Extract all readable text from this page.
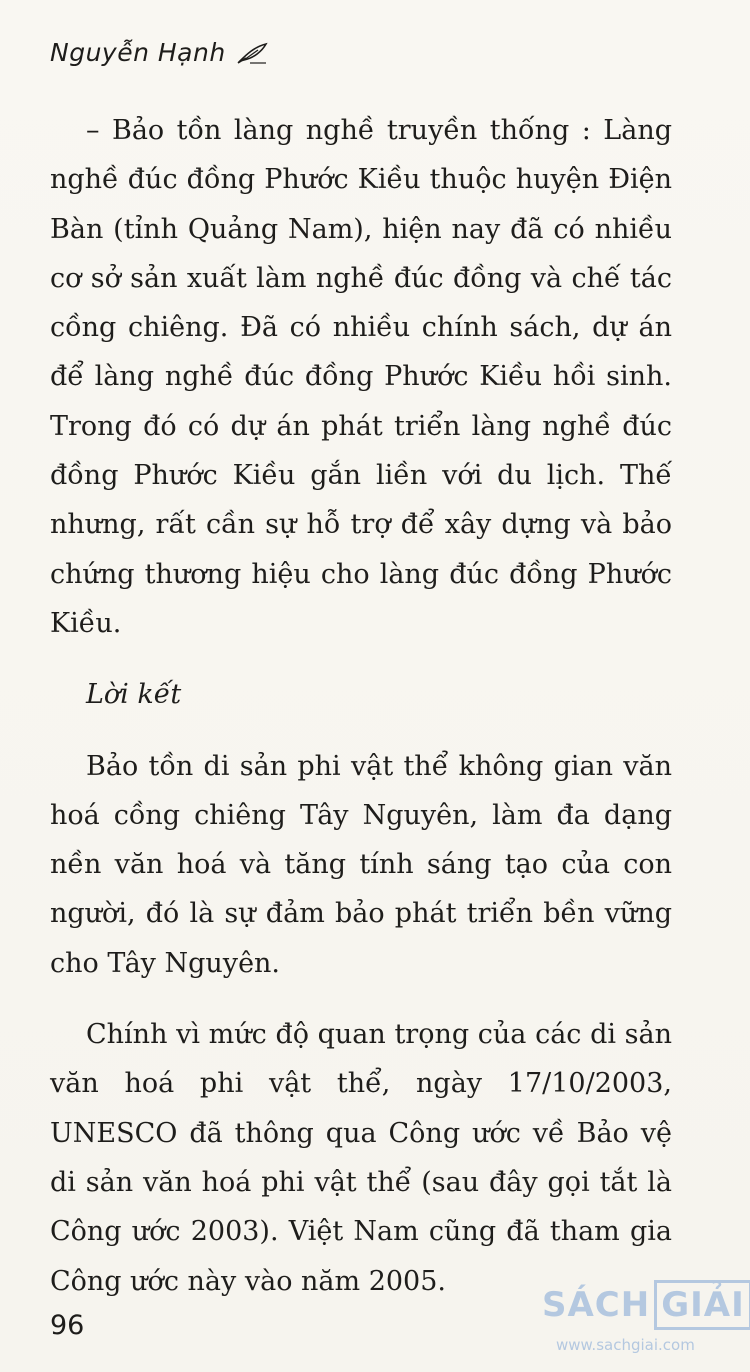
Nguyễn Hạnh

– Bảo tồn làng nghề truyền thống : Làng nghề đúc đồng Phước Kiều thuộc huyện Điện Bàn (tỉnh Quảng Nam), hiện nay đã có nhiều cơ sở sản xuất làm nghề đúc đồng và chế tác cồng chiêng. Đã có nhiều chính sách, dự án để làng nghề đúc đồng Phước Kiều hồi sinh. Trong đó có dự án phát triển làng nghề đúc đồng Phước Kiều gắn liền với du lịch. Thế nhưng, rất cần sự hỗ trợ để xây dựng và bảo chứng thương hiệu cho làng đúc đồng Phước Kiều.

Lời kết

Bảo tồn di sản phi vật thể không gian văn hoá cồng chiêng Tây Nguyên, làm đa dạng nền văn hoá và tăng tính sáng tạo của con người, đó là sự đảm bảo phát triển bền vững cho Tây Nguyên.

Chính vì mức độ quan trọng của các di sản văn hoá phi vật thể, ngày 17/10/2003, UNESCO đã thông qua Công ước về Bảo vệ di sản văn hoá phi vật thể (sau đây gọi tắt là Công ước 2003). Việt Nam cũng đã tham gia Công ước này vào năm 2005.

96
SÁCH GIẢI
www.sachgiai.com
